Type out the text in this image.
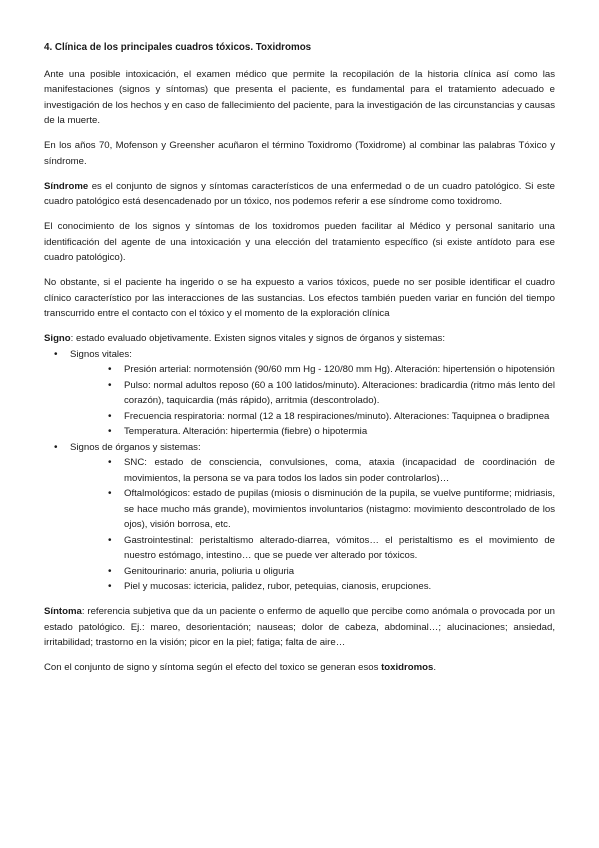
4. Clínica de los principales cuadros tóxicos. Toxidromos

Ante una posible intoxicación, el examen médico que permite la recopilación de la historia clínica así como las manifestaciones (signos y síntomas) que presenta el paciente, es fundamental para el tratamiento adecuado e investigación de los hechos y en caso de fallecimiento del paciente, para la investigación de las circunstancias y causas de la muerte.

En los años 70, Mofenson y Greensher acuñaron el término Toxidromo (Toxidrome) al combinar las palabras Tóxico y síndrome.

Síndrome es el conjunto de signos y síntomas característicos de una enfermedad o de un cuadro patológico. Si este cuadro patológico está desencadenado por un tóxico, nos podemos referir a ese síndrome como toxidromo.

El conocimiento de los signos y síntomas de los toxidromos pueden facilitar al Médico y personal sanitario una identificación del agente de una intoxicación y una elección del tratamiento específico (si existe antídoto para ese cuadro patológico).

No obstante, si el paciente ha ingerido o se ha expuesto a varios tóxicos, puede no ser posible identificar el cuadro clínico característico por las interacciones de las sustancias. Los efectos también pueden variar en función del tiempo transcurrido entre el contacto con el tóxico y el momento de la exploración clínica

Signo: estado evaluado objetivamente. Existen signos vitales y signos de órganos y sistemas:
• Signos vitales:
• Presión arterial: normotensión (90/60 mm Hg - 120/80 mm Hg). Alteración: hipertensión o hipotensión
• Pulso: normal adultos reposo (60 a 100 latidos/minuto). Alteraciones: bradicardia (ritmo más lento del corazón), taquicardia (más rápido), arritmia (descontrolado).
• Frecuencia respiratoria: normal (12 a 18 respiraciones/minuto). Alteraciones: Taquipnea o bradipnea
• Temperatura. Alteración: hipertermia (fiebre) o hipotermia
• Signos de órganos y sistemas:
• SNC: estado de consciencia, convulsiones, coma, ataxia (incapacidad de coordinación de movimientos, la persona se va para todos los lados sin poder controlarlos)…
• Oftalmológicos: estado de pupilas (miosis o disminución de la pupila, se vuelve puntiforme; midriasis, se hace mucho más grande), movimientos involuntarios (nistagmo: movimiento descontrolado de los ojos), visión borrosa, etc.
• Gastrointestinal: peristaltismo alterado-diarrea, vómitos… el peristaltismo es el movimiento de nuestro estómago, intestino… que se puede ver alterado por tóxicos.
• Genitourinario: anuria, poliuria u oliguria
• Piel y mucosas: ictericia, palidez, rubor, petequias, cianosis, erupciones.

Síntoma: referencia subjetiva que da un paciente o enfermo de aquello que percibe como anómala o provocada por un estado patológico. Ej.: mareo, desorientación; nauseas; dolor de cabeza, abdominal…; alucinaciones; ansiedad, irritabilidad; trastorno en la visión; picor en la piel; fatiga; falta de aire…

Con el conjunto de signo y síntoma según el efecto del toxico se generan esos toxidromos.
